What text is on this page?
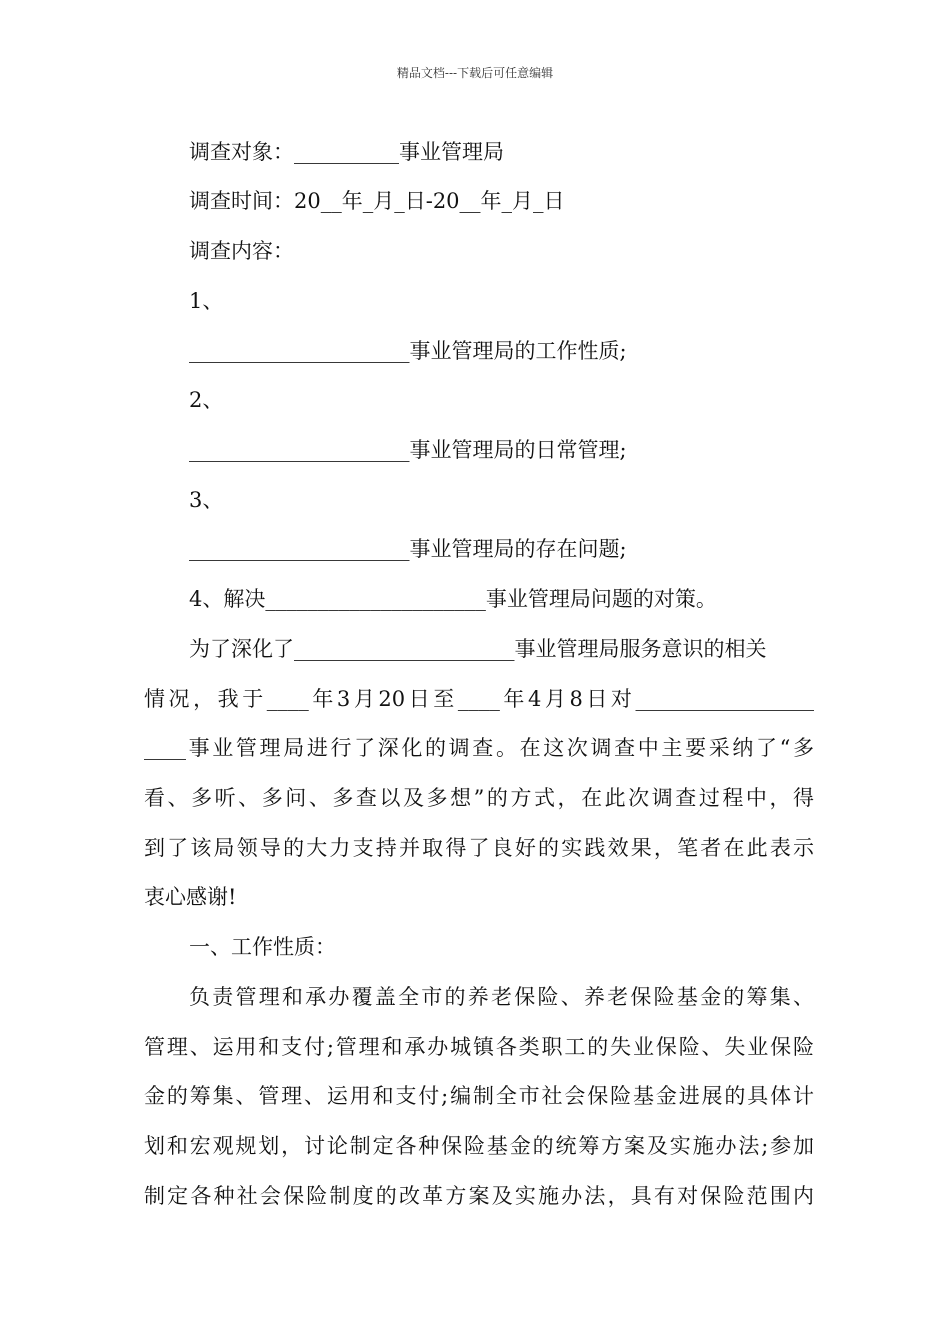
精品文档---下载后可任意编辑
调查对象：__________事业管理局
调查时间：20__年_月_日-20__年_月_日
调查内容：
1、
_____________________事业管理局的工作性质;
2、
_____________________事业管理局的日常管理;
3、
_____________________事业管理局的存在问题;
4、解决_____________________事业管理局问题的对策。
为了深化了_____________________事业管理局服务意识的相关
情况，我于____年3月20日至____年4月8日对_________________
____事业管理局进行了深化的调查。在这次调查中主要采纳了“多
看、多听、多问、多查以及多想”的方式，在此次调查过程中，得
到了该局领导的大力支持并取得了良好的实践效果，笔者在此表示
衷心感谢!
一、工作性质：
负责管理和承办覆盖全市的养老保险、养老保险基金的筹集、
管理、运用和支付;管理和承办城镇各类职工的失业保险、失业保险
金的筹集、管理、运用和支付;编制全市社会保险基金进展的具体计
划和宏观规划，讨论制定各种保险基金的统筹方案及实施办法;参加
制定各种社会保险制度的改革方案及实施办法，具有对保险范围内
